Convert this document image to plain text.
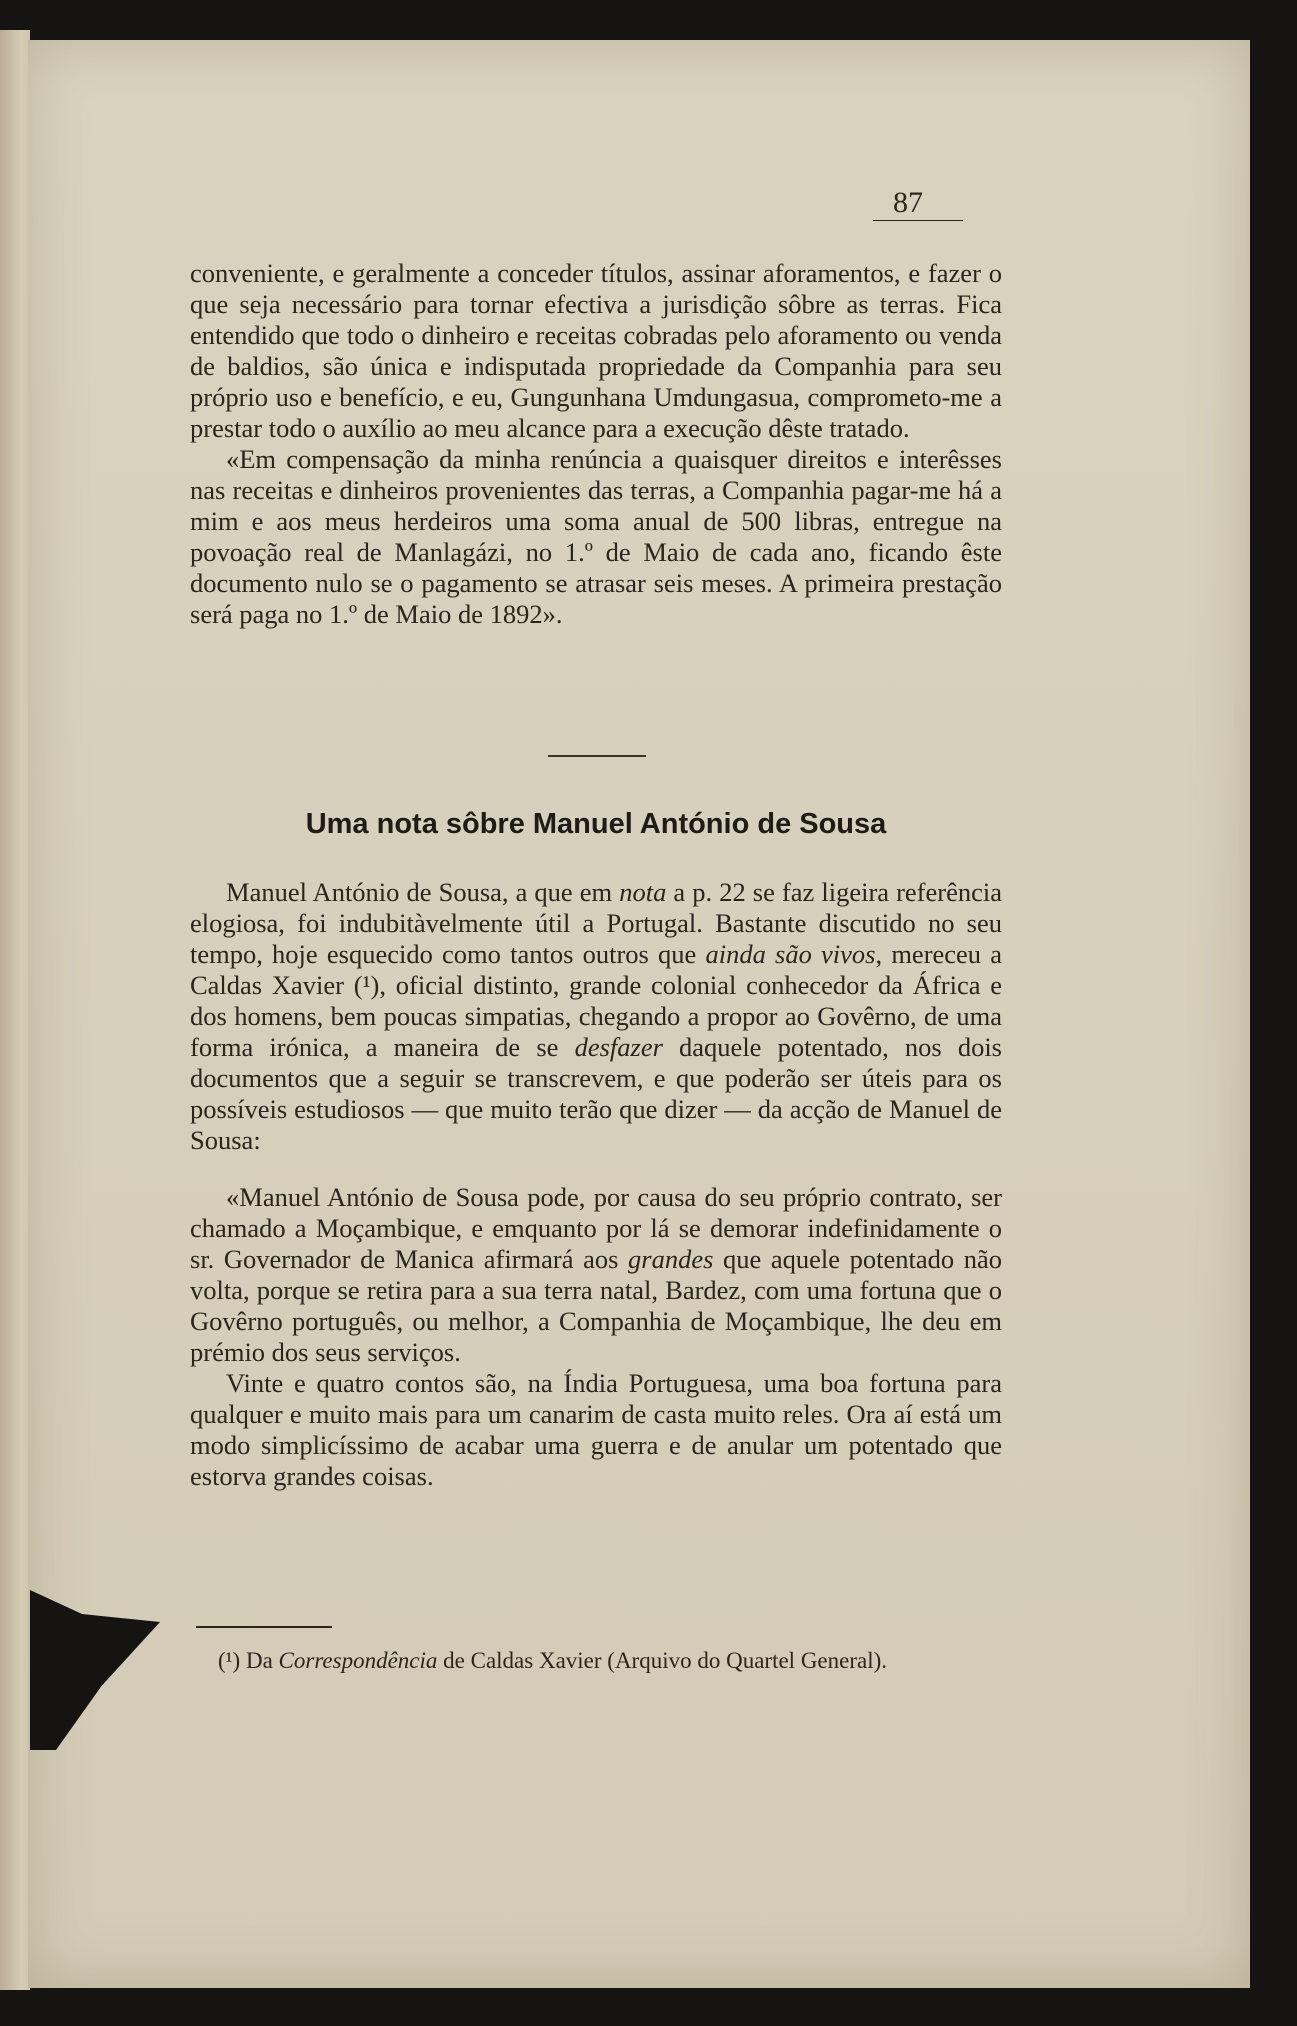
87

conveniente, e geralmente a conceder títulos, assinar aforamentos, e fazer o que seja necessário para tornar efectiva a jurisdição sôbre as terras. Fica entendido que todo o dinheiro e receitas cobradas pelo aforamento ou venda de baldios, são única e indisputada propriedade da Companhia para seu próprio uso e benefício, e eu, Gungunhana Umdungasua, comprometo-me a prestar todo o auxílio ao meu alcance para a execução dêste tratado.

«Em compensação da minha renúncia a quaisquer direitos e interêsses nas receitas e dinheiros provenientes das terras, a Companhia pagar-me há a mim e aos meus herdeiros uma soma anual de 500 libras, entregue na povoação real de Manlagázi, no 1.º de Maio de cada ano, ficando êste documento nulo se o pagamento se atrasar seis meses. A primeira prestação será paga no 1.º de Maio de 1892».

Uma nota sôbre Manuel António de Sousa

Manuel António de Sousa, a que em nota a p. 22 se faz ligeira referência elogiosa, foi indubitàvelmente útil a Portugal. Bastante discutido no seu tempo, hoje esquecido como tantos outros que ainda são vivos, mereceu a Caldas Xavier (¹), oficial distinto, grande colonial conhecedor da África e dos homens, bem poucas simpatias, chegando a propor ao Govêrno, de uma forma irónica, a maneira de se desfazer daquele potentado, nos dois documentos que a seguir se transcrevem, e que poderão ser úteis para os possíveis estudiosos — que muito terão que dizer — da acção de Manuel de Sousa:

«Manuel António de Sousa pode, por causa do seu próprio contrato, ser chamado a Moçambique, e emquanto por lá se demorar indefinidamente o sr. Governador de Manica afirmará aos grandes que aquele potentado não volta, porque se retira para a sua terra natal, Bardez, com uma fortuna que o Govêrno português, ou melhor, a Companhia de Moçambique, lhe deu em prémio dos seus serviços.

Vinte e quatro contos são, na Índia Portuguesa, uma boa fortuna para qualquer e muito mais para um canarim de casta muito reles. Ora aí está um modo simplicíssimo de acabar uma guerra e de anular um potentado que estorva grandes coisas.

(¹) Da Correspondência de Caldas Xavier (Arquivo do Quartel General).
